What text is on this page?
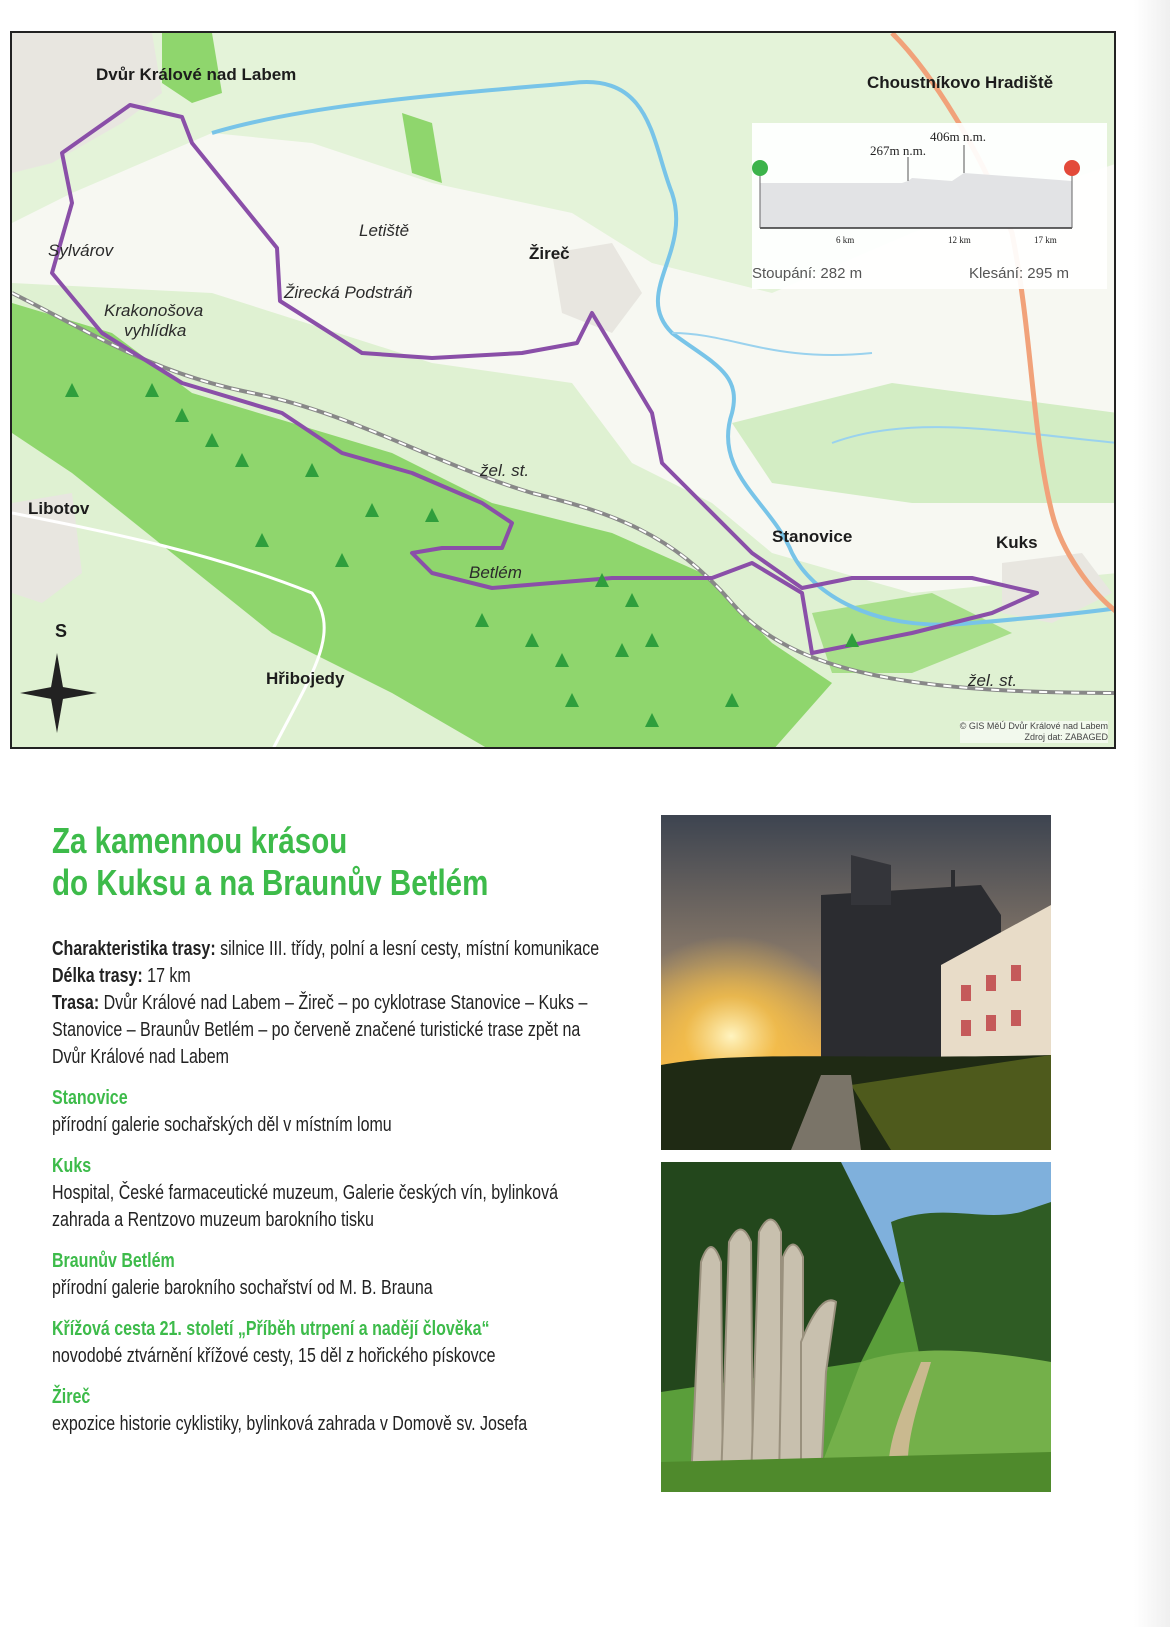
Dvůr Králové nad Labem	Choustníkovo Hradiště
Letiště
Žireč
Sylvárov
Žirecká Podstráň
Krakonošova
vyhlídka
žel. st.
Libotov
Stanovice	Kuks
Betlém
Hřibojedy	žel. st.
S
267m n.m.
406m n.m.
6 km	12 km	17 km
Stoupání: 282 m	Klesání: 295 m
© GIS MěÚ Dvůr Králové nad Labem
Zdroj dat: ZABAGED
Za kamennou krásou
do Kuksu a na Braunův Betlém

Charakteristika trasy: silnice III. třídy, polní a lesní cesty, místní komunikace

Délka trasy: 17 km

Trasa: Dvůr Králové nad Labem – Žireč – po cyklotrase Stanovice – Kuks – Stanovice – Braunův Betlém – po červeně značené turistické trase zpět na Dvůr Králové nad Labem

Stanovice
přírodní galerie sochařských děl v místním lomu
Kuks
Hospital, České farmaceutické muzeum, Galerie českých vín, bylinková zahrada a Rentzovo muzeum barokního tisku
Braunův Betlém
přírodní galerie barokního sochařství od M. B. Brauna
Křížová cesta 21. století „Příběh utrpení a nadějí člověka“
novodobé ztvárnění křížové cesty, 15 děl z hořického pískovce
Žireč
expozice historie cyklistiky, bylinková zahrada v Domově sv. Josefa
